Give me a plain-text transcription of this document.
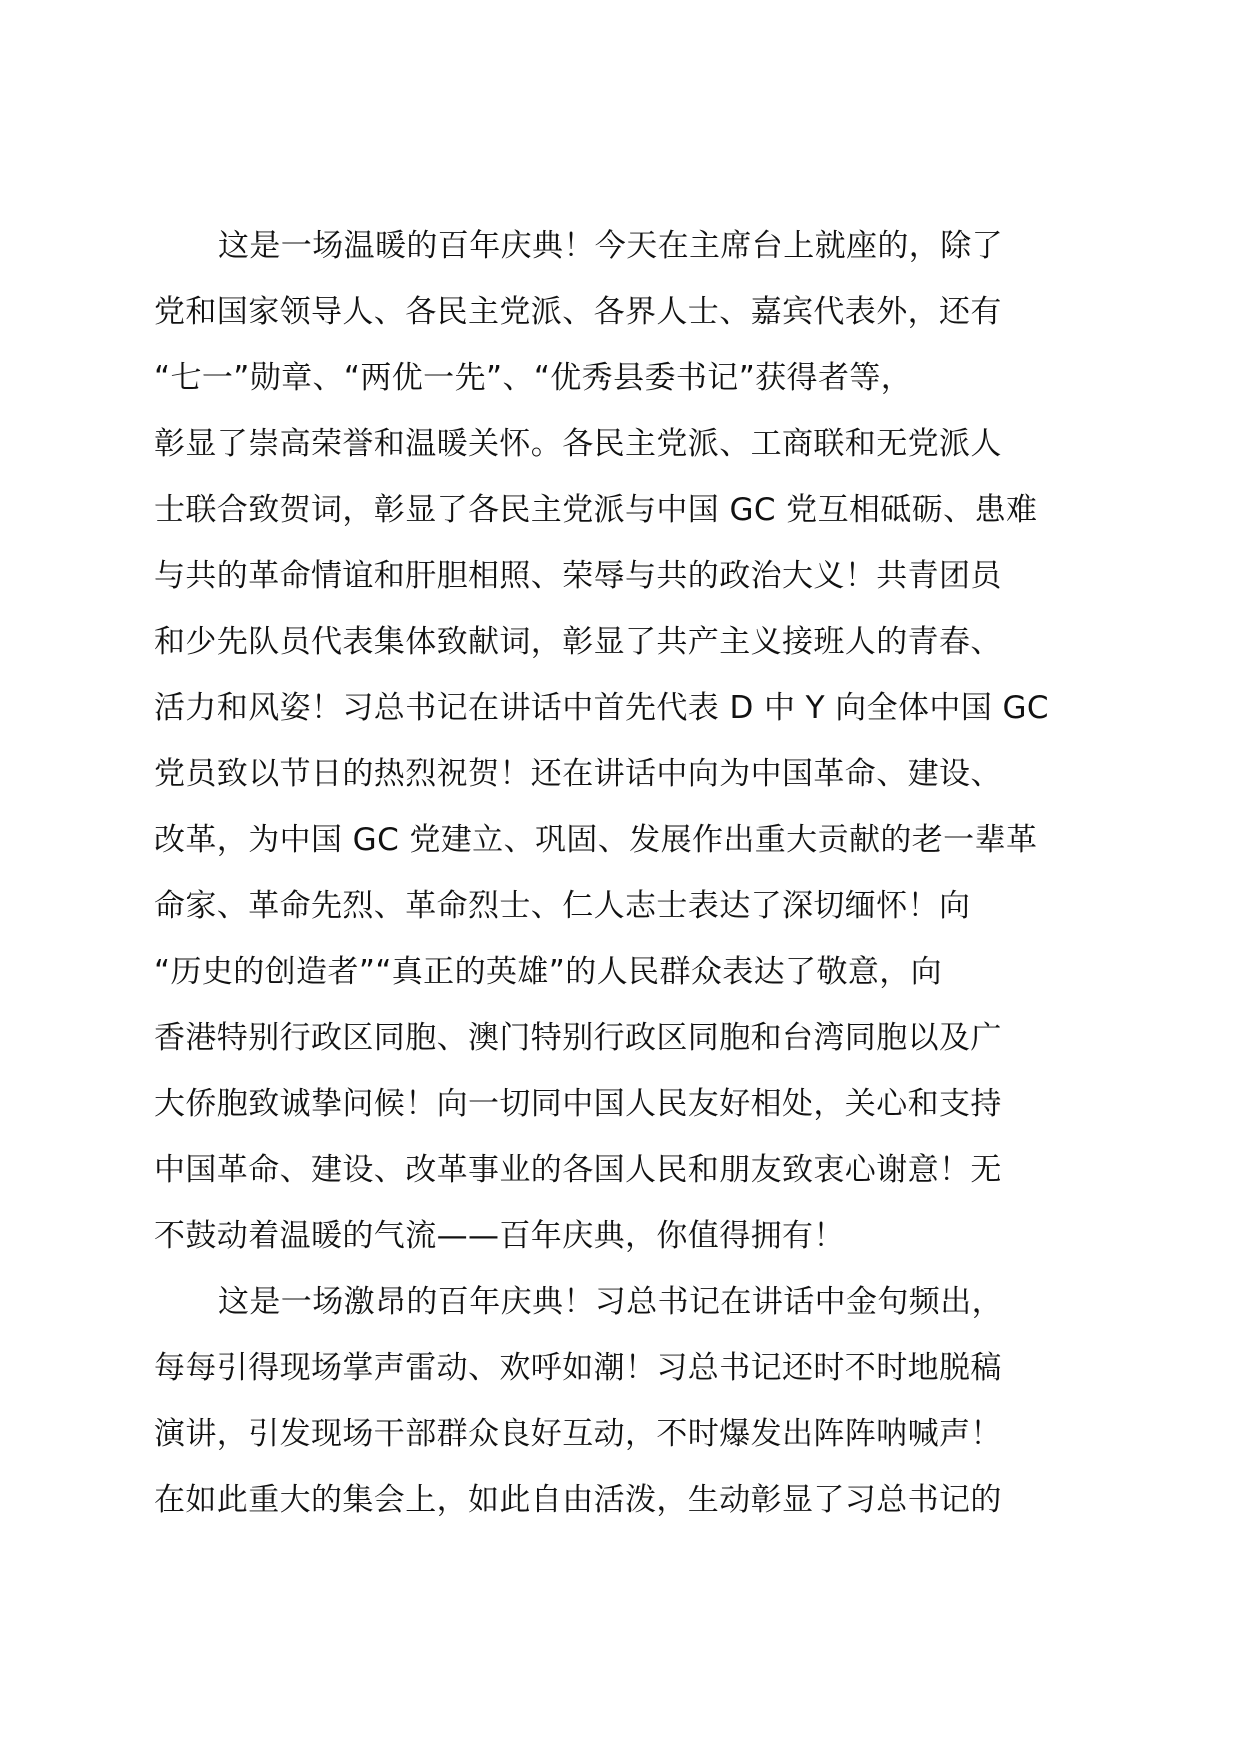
这是一场温暖的百年庆典！今天在主席台上就座的，除了
党和国家领导人、各民主党派、各界人士、嘉宾代表外，还有
“七一”勋章、“两优一先”、“优秀县委书记”获得者等，
彰显了崇高荣誉和温暖关怀。各民主党派、工商联和无党派人
士联合致贺词，彰显了各民主党派与中国 GC 党互相砥砺、患难
与共的革命情谊和肝胆相照、荣辱与共的政治大义！共青团员
和少先队员代表集体致献词，彰显了共产主义接班人的青春、
活力和风姿！习总书记在讲话中首先代表 D 中 Y 向全体中国 GC
党员致以节日的热烈祝贺！还在讲话中向为中国革命、建设、
改革，为中国 GC 党建立、巩固、发展作出重大贡献的老一辈革
命家、革命先烈、革命烈士、仁人志士表达了深切缅怀！向
“历史的创造者”“真正的英雄”的人民群众表达了敬意，向
香港特别行政区同胞、澳门特别行政区同胞和台湾同胞以及广
大侨胞致诚挚问候！向一切同中国人民友好相处，关心和支持
中国革命、建设、改革事业的各国人民和朋友致衷心谢意！无
不鼓动着温暖的气流——百年庆典，你值得拥有！
这是一场激昂的百年庆典！习总书记在讲话中金句频出，
每每引得现场掌声雷动、欢呼如潮！习总书记还时不时地脱稿
演讲，引发现场干部群众良好互动，不时爆发出阵阵呐喊声！
在如此重大的集会上，如此自由活泼，生动彰显了习总书记的
